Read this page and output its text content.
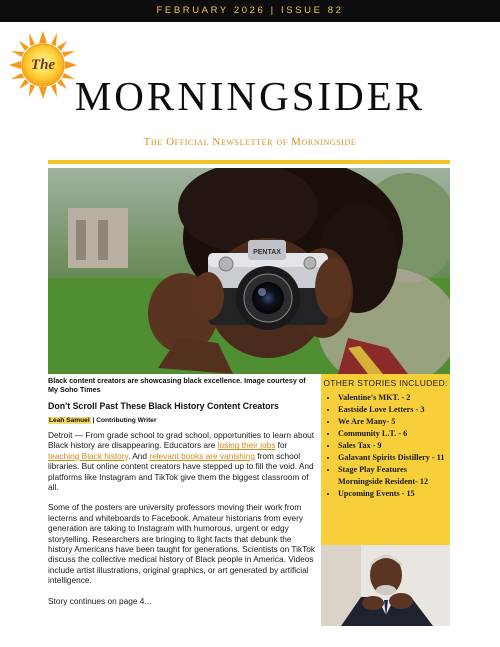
FEBRUARY 2026 | ISSUE 82
The
MORNINGSIDER
The Official Newsletter of Morningside
PENTAX
Black content creators are showcasing black excellence. Image courtesy of My Soho Times
Don't Scroll Past These Black History Content Creators
Leah Samuel | Contributing Writer

Detroit — From grade school to grad school, opportunities to learn about Black history are disappearing. Educators are losing their jobs for teaching Black history. And relevant books are vanishing from school libraries. But online content creators have stepped up to fill the void. And platforms like Instagram and TikTok give them the biggest classroom of all.

Some of the posters are university professors moving their work from lecterns and whiteboards to Facebook. Amateur historians from every generation are taking to Instagram with humorous, urgent or edgy storytelling. Researchers are bringing to light facts that debunk the history Americans have been taught for generations. Scientists on TikTok discuss the collective medical history of Black people in America. Videos include artist illustrations, original graphics, or art generated by artificial intelligence.

Story continues on page 4...

OTHER STORIES INCLUDED:
• Valentine's MKT. - 2
• Eastside Love Letters - 3
• We Are Many- 5
• Community L.T. - 6
• Sales Tax - 9
• Galavant Spirits Distillery - 11
• Stage Play Features Morningside Resident- 12
• Upcoming Events - 15
